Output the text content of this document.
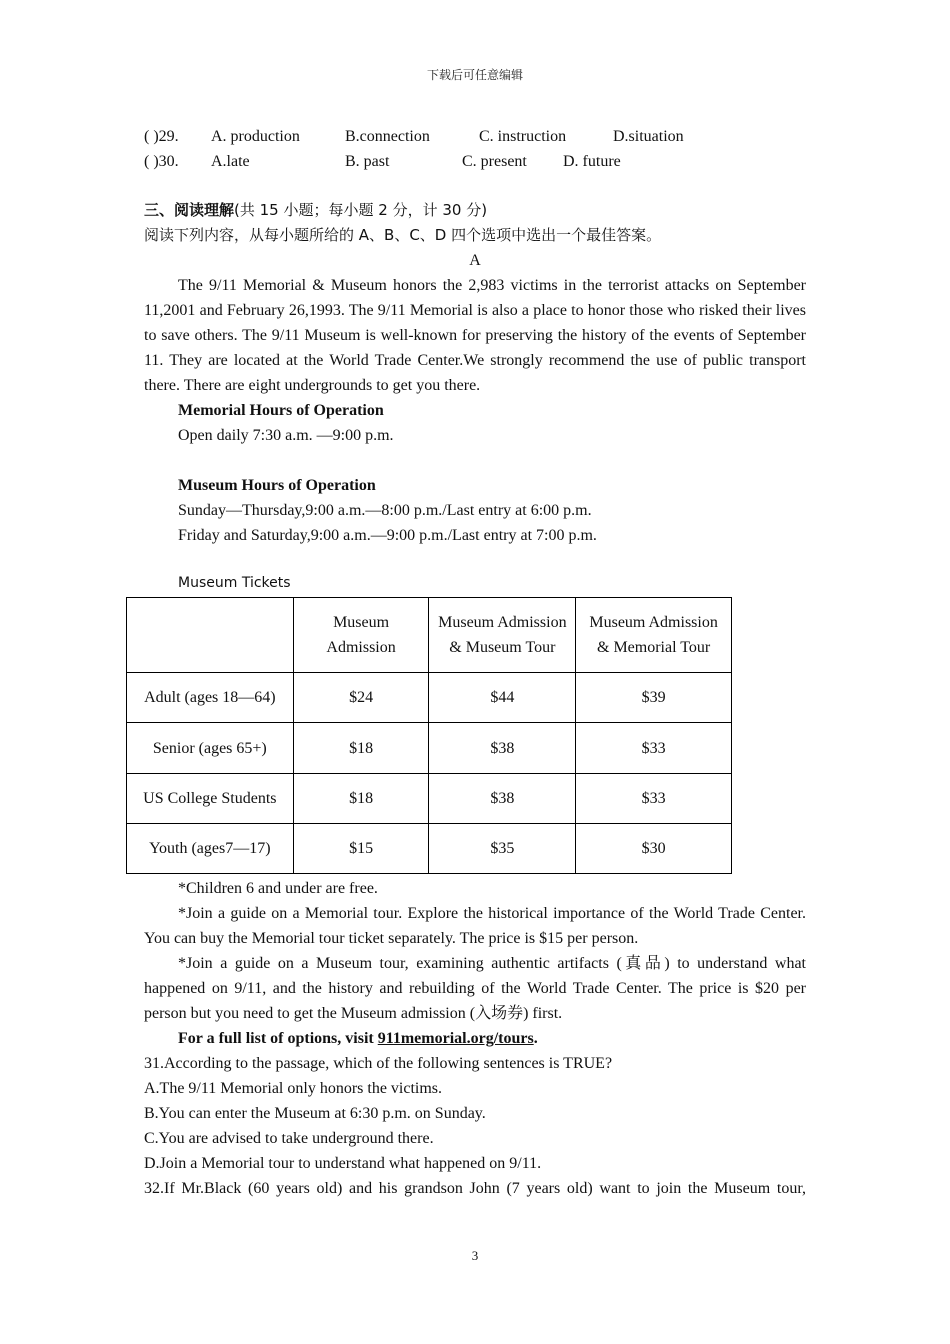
下载后可任意编辑
( )29. A. production	B.connection	C. instruction	D.situation
( )30. A.late	B. past	C. present D. future
三、阅读理解(共 15 小题；每小题 2 分，计 30 分)
阅读下列内容，从每小题所给的 A、B、C、D 四个选项中选出一个最佳答案。
A
The 9/11 Memorial & Museum honors the 2,983 victims in the terrorist attacks on September 11,2001 and February 26,1993. The 9/11 Memorial is also a place to honor those who risked their lives to save others. The 9/11 Museum is well-known for preserving the history of the events of September 11. They are located at the World Trade Center.We strongly recommend the use of public transport there. There are eight undergrounds to get you there.
Memorial Hours of Operation
Open daily 7:30 a.m. —9:00 p.m.
Museum Hours of Operation
Sunday—Thursday,9:00 a.m.—8:00 p.m./Last entry at 6:00 p.m.
Friday and Saturday,9:00 a.m.—9:00 p.m./Last entry at 7:00 p.m.
Museum Tickets
	Museum Admission	Museum Admission & Museum Tour	Museum Admission & Memorial Tour
Adult (ages 18—64)	$24	$44	$39
Senior (ages 65+)	$18	$38	$33
US College Students	$18	$38	$33
Youth (ages7—17)	$15	$35	$30
*Children 6 and under are free.
*Join a guide on a Memorial tour. Explore the historical importance of the World Trade Center. You can buy the Memorial tour ticket separately. The price is $15 per person.
*Join a guide on a Museum tour, examining authentic artifacts (真品) to understand what happened on 9/11, and the history and rebuilding of the World Trade Center. The price is $20 per person but you need to get the Museum admission (入场券) first.
For a full list of options, visit 911memorial.org/tours.
31.According to the passage, which of the following sentences is TRUE?
A.The 9/11 Memorial only honors the victims.
B.You can enter the Museum at 6:30 p.m. on Sunday.
C.You are advised to take underground there.
D.Join a Memorial tour to understand what happened on 9/11.
32.If Mr.Black (60 years old) and his grandson John (7 years old) want to join the Museum tour,
3
